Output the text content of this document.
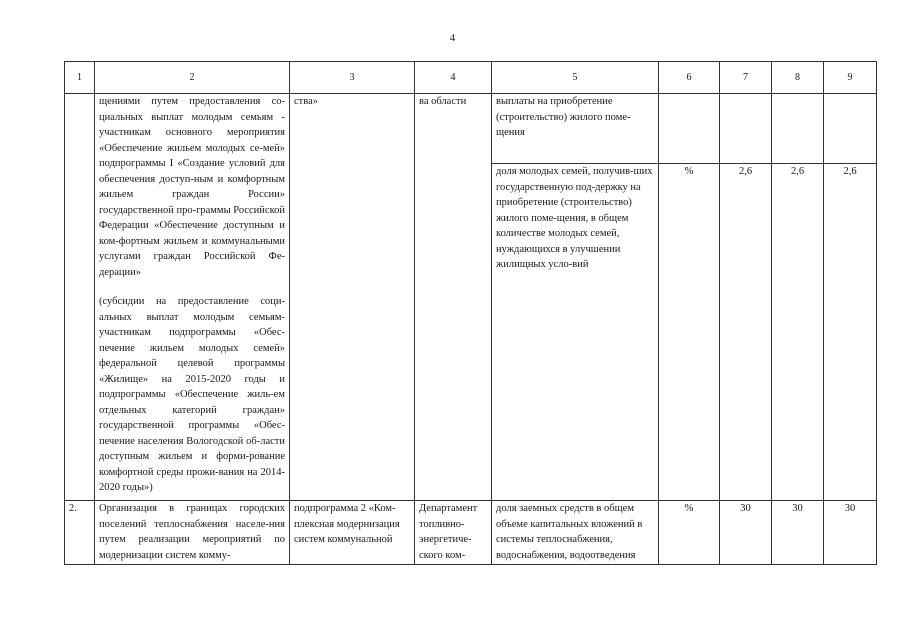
4
1	2	3	4	5	6	7	8	9

	щениями путем предоставления со-циальных выплат молодым семьям - участникам основного мероприятия «Обеспечение жильем молодых се-мей» подпрограммы I «Создание условий для обеспечения доступ-ным и комфортным жильем граждан России» государственной про-граммы Российской Федерации «Обеспечение доступным и ком-фортным жильем и коммунальными услугами граждан Российской Фе-дерации»
(субсидии на предоставление соци-альных выплат молодым семьям-участникам подпрограммы «Обес-печение жильем молодых семей» федеральной целевой программы «Жилище» на 2015-2020 годы и подпрограммы «Обеспечение жиль-ем отдельных категорий граждан» государственной программы «Обес-печение населения Вологодской об-ласти доступным жильем и форми-рование комфортной среды прожи-вания на 2014-2020 годы»)	ства»	ва области	выплаты на приобретение (строительство) жилого поме-щения				
				доля молодых семей, получив-ших государственную под-держку на приобретение (строительство) жилого поме-щения, в общем количестве молодых семей, нуждающихся в улучшении жилищных усло-вий	%	2,6	2,6	2,6
2.	Организация в границах городских поселений теплоснабжения населе-ния путем реализации мероприятий по модернизации систем комму-	подпрограмма 2 «Ком-плексная модернизация систем коммунальной	Департамент топливно-энергетиче-ского ком-	доля заемных средств в общем объеме капитальных вложений в системы теплоснабжения, водоснабжения, водоотведения	%	30	30	30
